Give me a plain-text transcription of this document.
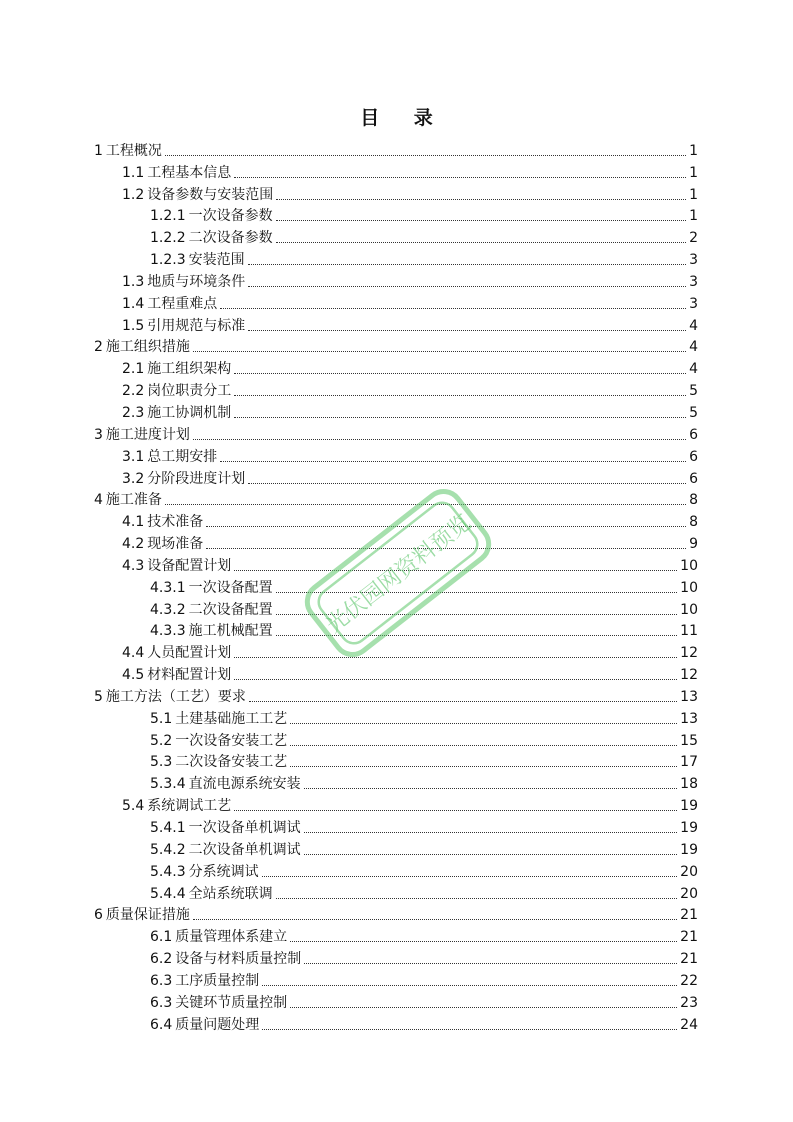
目 录
1 工程概况	1
1.1 工程基本信息	1
1.2 设备参数与安装范围	1
1.2.1 一次设备参数	1
1.2.2 二次设备参数	2
1.2.3 安装范围	3
1.3 地质与环境条件	3
1.4 工程重难点	3
1.5 引用规范与标准	4
2 施工组织措施	4
2.1 施工组织架构	4
2.2 岗位职责分工	5
2.3 施工协调机制	5
3 施工进度计划	6
3.1 总工期安排	6
3.2 分阶段进度计划	6
4 施工准备	8
4.1 技术准备	8
4.2 现场准备	9
4.3 设备配置计划	10
4.3.1 一次设备配置	10
4.3.2 二次设备配置	10
4.3.3 施工机械配置	11
4.4 人员配置计划	12
4.5 材料配置计划	12
5 施工方法（工艺）要求	13
5.1 土建基础施工工艺	13
5.2 一次设备安装工艺	15
5.3 二次设备安装工艺	17
5.3.4 直流电源系统安装	18
5.4 系统调试工艺	19
5.4.1 一次设备单机调试	19
5.4.2 二次设备单机调试	19
5.4.3 分系统调试	20
5.4.4 全站系统联调	20
6 质量保证措施	21
6.1 质量管理体系建立	21
6.2 设备与材料质量控制	21
6.3 工序质量控制	22
6.3 关键环节质量控制	23
6.4 质量问题处理	24
光伏园网资料预览
